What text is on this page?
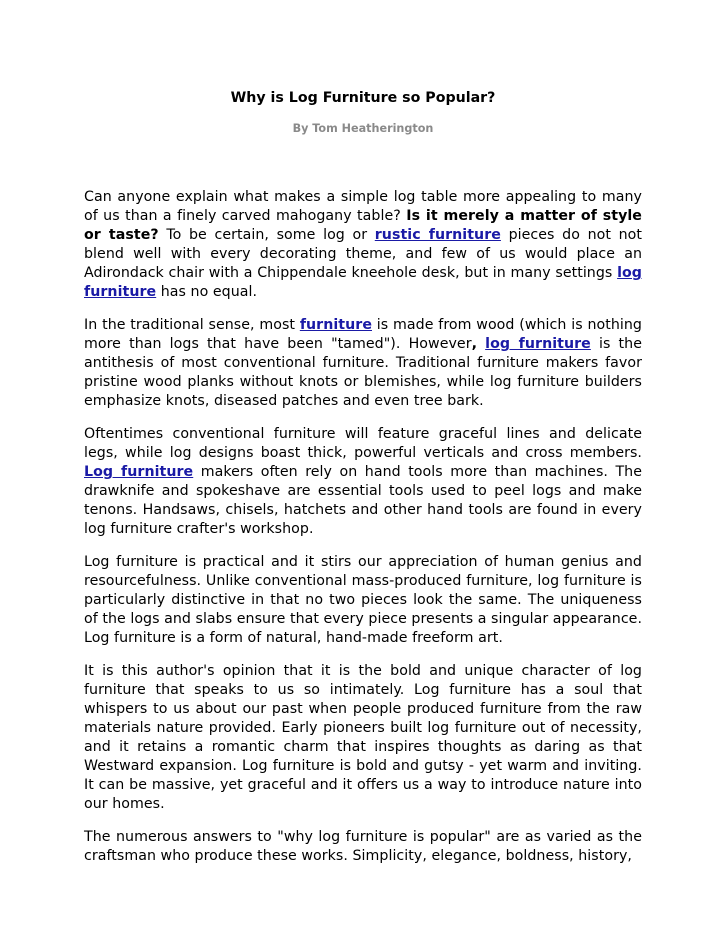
Why is Log Furniture so Popular?
By Tom Heatherington

Can anyone explain what makes a simple log table more appealing to many of us than a finely carved mahogany table? Is it merely a matter of style or taste? To be certain, some log or rustic furniture pieces do not not blend well with every decorating theme, and few of us would place an Adirondack chair with a Chippendale kneehole desk, but in many settings log furniture has no equal.

In the traditional sense, most furniture is made from wood (which is nothing more than logs that have been "tamed"). However, log furniture is the antithesis of most conventional furniture. Traditional furniture makers favor pristine wood planks without knots or blemishes, while log furniture builders emphasize knots, diseased patches and even tree bark.

Oftentimes conventional furniture will feature graceful lines and delicate legs, while log designs boast thick, powerful verticals and cross members. Log furniture makers often rely on hand tools more than machines. The drawknife and spokeshave are essential tools used to peel logs and make tenons. Handsaws, chisels, hatchets and other hand tools are found in every log furniture crafter's workshop.

Log furniture is practical and it stirs our appreciation of human genius and resourcefulness. Unlike conventional mass-produced furniture, log furniture is particularly distinctive in that no two pieces look the same. The uniqueness of the logs and slabs ensure that every piece presents a singular appearance. Log furniture is a form of natural, hand-made freeform art.

It is this author's opinion that it is the bold and unique character of log furniture that speaks to us so intimately. Log furniture has a soul that whispers to us about our past when people produced furniture from the raw materials nature provided. Early pioneers built log furniture out of necessity, and it retains a romantic charm that inspires thoughts as daring as that Westward expansion. Log furniture is bold and gutsy - yet warm and inviting. It can be massive, yet graceful and it offers us a way to introduce nature into our homes.

The numerous answers to "why log furniture is popular" are as varied as the craftsman who produce these works. Simplicity, elegance, boldness, history,
